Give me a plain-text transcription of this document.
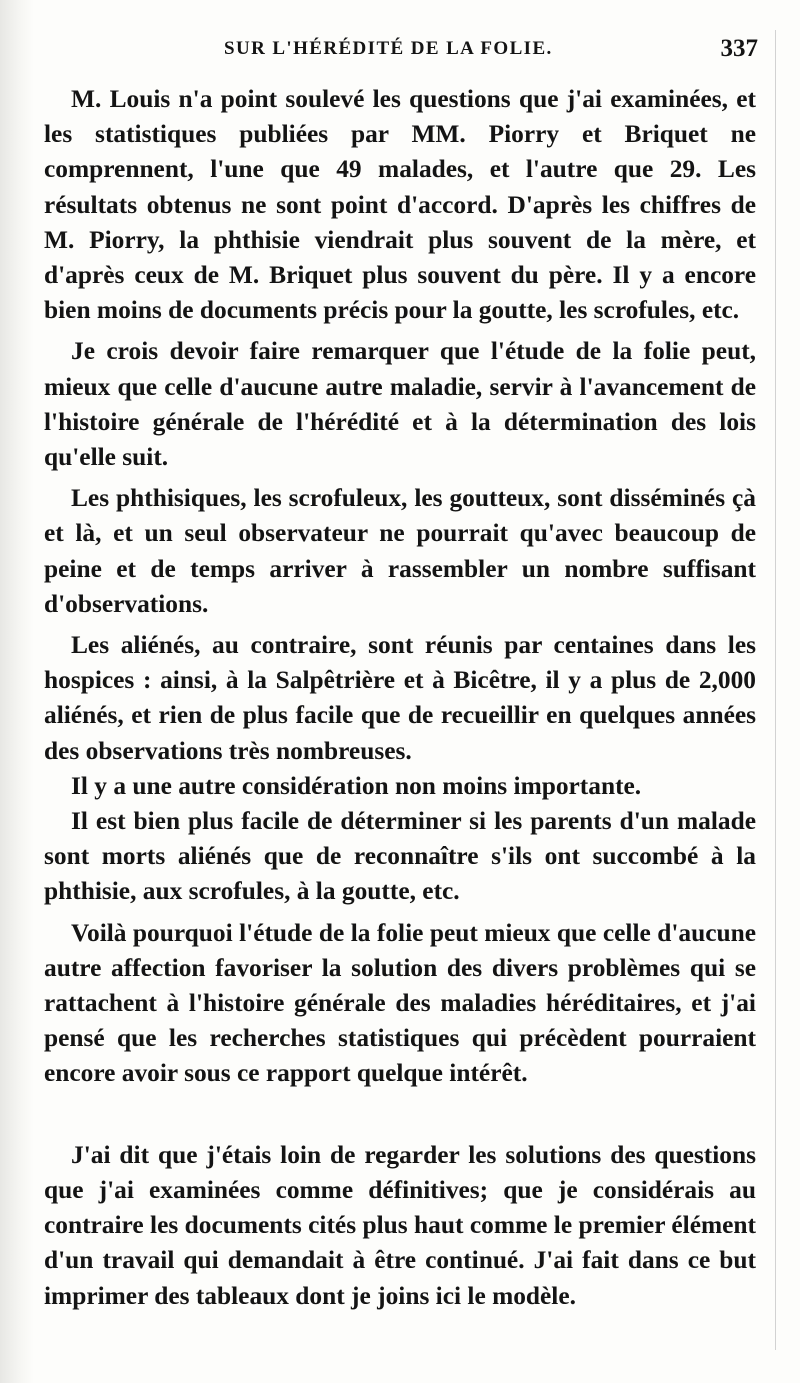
SUR L'HÉRÉDITÉ DE LA FOLIE.	337

M. Louis n'a point soulevé les questions que j'ai examinées, et les statistiques publiées par MM. Piorry et Briquet ne comprennent, l'une que 49 malades, et l'autre que 29. Les résultats obtenus ne sont point d'accord. D'après les chiffres de M. Piorry, la phthisie viendrait plus souvent de la mère, et d'après ceux de M. Briquet plus souvent du père. Il y a encore bien moins de documents précis pour la goutte, les scrofules, etc.

Je crois devoir faire remarquer que l'étude de la folie peut, mieux que celle d'aucune autre maladie, servir à l'avancement de l'histoire générale de l'hérédité et à la détermination des lois qu'elle suit.

Les phthisiques, les scrofuleux, les goutteux, sont disséminés çà et là, et un seul observateur ne pourrait qu'avec beaucoup de peine et de temps arriver à rassembler un nombre suffisant d'observations.

Les aliénés, au contraire, sont réunis par centaines dans les hospices : ainsi, à la Salpêtrière et à Bicêtre, il y a plus de 2,000 aliénés, et rien de plus facile que de recueillir en quelques années des observations très nombreuses.

Il y a une autre considération non moins importante.

Il est bien plus facile de déterminer si les parents d'un malade sont morts aliénés que de reconnaître s'ils ont succombé à la phthisie, aux scrofules, à la goutte, etc.

Voilà pourquoi l'étude de la folie peut mieux que celle d'aucune autre affection favoriser la solution des divers problèmes qui se rattachent à l'histoire générale des maladies héréditaires, et j'ai pensé que les recherches statistiques qui précèdent pourraient encore avoir sous ce rapport quelque intérêt.

J'ai dit que j'étais loin de regarder les solutions des questions que j'ai examinées comme définitives; que je considérais au contraire les documents cités plus haut comme le premier élément d'un travail qui demandait à être continué. J'ai fait dans ce but imprimer des tableaux dont je joins ici le modèle.
